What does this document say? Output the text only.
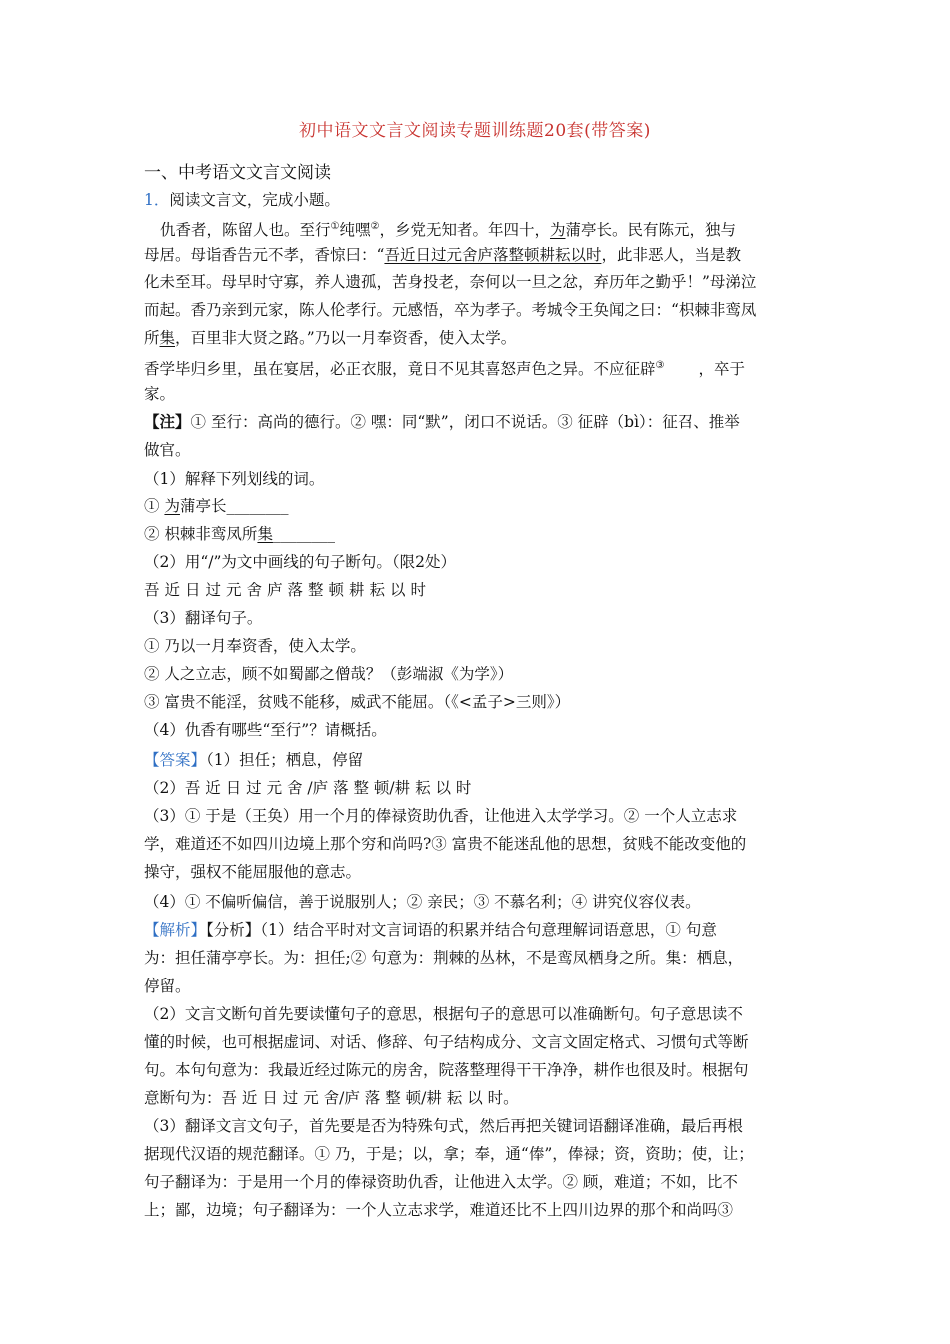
初中语文文言文阅读专题训练题20套(带答案)
一、中考语文文言文阅读
1．阅读文言文，完成小题。
仇香者，陈留人也。至行①纯嘿②，乡党无知者。年四十，为蒲亭长。民有陈元，独与
母居。母诣香告元不孝，香惊曰：“吾近日过元舍庐落整顿耕耘以时，此非恶人，当是教
化未至耳。母早时守寡，养人遗孤，苦身投老，奈何以一旦之忿，弃历年之勤乎！”母涕泣
而起。香乃亲到元家，陈人伦孝行。元感悟，卒为孝子。考城令王奂闻之曰：“枳棘非鸾凤
所集，百里非大贤之路。”乃以一月奉资香，使入太学。
香学毕归乡里，虽在宴居，必正衣服，竟日不见其喜怒声色之异。不应征辟③ ，卒于
家。
【注】① 至行：高尚的德行。② 嘿：同“默”，闭口不说话。③ 征辟（bì）：征召、推举
做官。
（1）解释下列划线的词。
① 为蒲亭长________
② 枳棘非鸾凤所集________
（2）用“/”为文中画线的句子断句。（限2处）
吾近日过元舍庐落整顿耕耘以时
（3）翻译句子。
① 乃以一月奉资香，使入太学。
② 人之立志，顾不如蜀鄙之僧哉？（彭端淑《为学》）
③ 富贵不能淫，贫贱不能移，威武不能屈。（《<孟子>三则》）
（4）仇香有哪些“至行”？请概括。
【答案】（1）担任；栖息，停留
（2）吾 近 日 过 元 舍 /庐 落 整 顿/耕 耘 以 时
（3）① 于是（王奂）用一个月的俸禄资助仇香，让他进入太学学习。② 一个人立志求
学，难道还不如四川边境上那个穷和尚吗?③ 富贵不能迷乱他的思想，贫贱不能改变他的
操守，强权不能屈服他的意志。
（4）① 不偏听偏信，善于说服别人；② 亲民；③ 不慕名利；④ 讲究仪容仪表。
【解析】【分析】（1）结合平时对文言词语的积累并结合句意理解词语意思，① 句意
为：担任蒲亭亭长。为：担任;② 句意为：荆棘的丛林，不是鸾凤栖身之所。集：栖息，
停留。
（2）文言文断句首先要读懂句子的意思，根据句子的意思可以准确断句。句子意思读不
懂的时候，也可根据虚词、对话、修辞、句子结构成分、文言文固定格式、习惯句式等断
句。本句句意为：我最近经过陈元的房舍，院落整理得干干净净，耕作也很及时。根据句
意断句为：吾 近 日 过 元 舍/庐 落 整 顿/耕 耘 以 时。
（3）翻译文言文句子，首先要是否为特殊句式，然后再把关键词语翻译准确，最后再根
据现代汉语的规范翻译。① 乃，于是；以，拿；奉，通“俸”，俸禄；资，资助；使，让；
句子翻译为：于是用一个月的俸禄资助仇香，让他进入太学。② 顾，难道；不如，比不
上；鄙，边境；句子翻译为：一个人立志求学，难道还比不上四川边界的那个和尚吗③
